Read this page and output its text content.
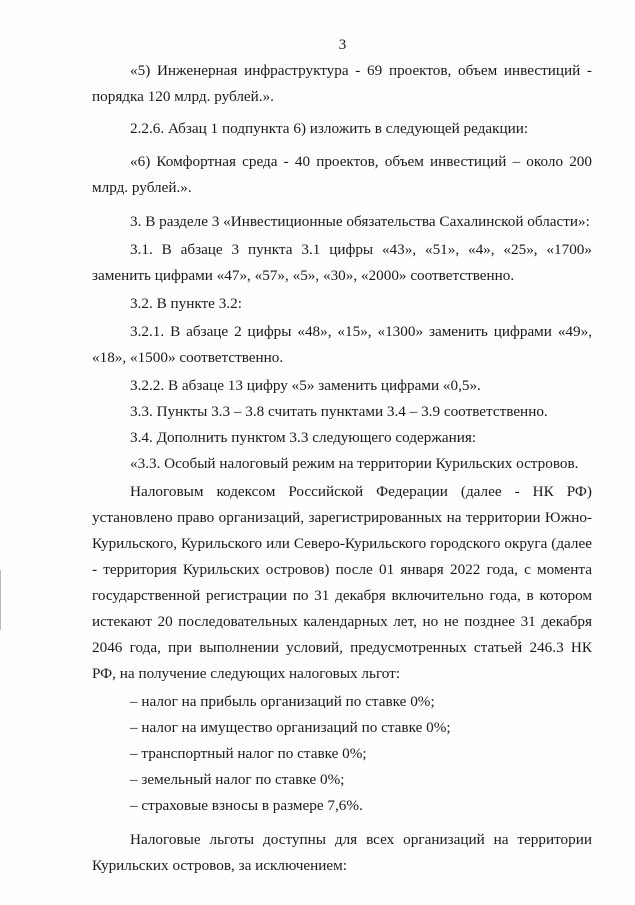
3

«5) Инженерная инфраструктура - 69 проектов, объем инвестиций - порядка 120 млрд. рублей.».

2.2.6. Абзац 1 подпункта 6) изложить в следующей редакции:

«6) Комфортная среда - 40 проектов, объем инвестиций – около 200 млрд. рублей.».

3. В разделе 3 «Инвестиционные обязательства Сахалинской области»:

3.1. В абзаце 3 пункта 3.1 цифры «43», «51», «4», «25», «1700» заменить цифрами «47», «57», «5», «30», «2000» соответственно.

3.2. В пункте 3.2:

3.2.1. В абзаце 2 цифры «48», «15», «1300» заменить цифрами «49», «18», «1500» соответственно.

3.2.2. В абзаце 13 цифру «5» заменить цифрами «0,5».

3.3. Пункты 3.3 – 3.8 считать пунктами 3.4 – 3.9 соответственно.

3.4. Дополнить пунктом 3.3 следующего содержания:

«3.3. Особый налоговый режим на территории Курильских островов.

Налоговым кодексом Российской Федерации (далее - НК РФ) установлено право организаций, зарегистрированных на территории Южно-Курильского, Курильского или Северо-Курильского городского округа (далее - территория Курильских островов) после 01 января 2022 года, с момента государственной регистрации по 31 декабря включительно года, в котором истекают 20 последовательных календарных лет, но не позднее 31 декабря 2046 года, при выполнении условий, предусмотренных статьей 246.3 НК РФ, на получение следующих налоговых льгот:

– налог на прибыль организаций по ставке 0%;

– налог на имущество организаций по ставке 0%;

– транспортный налог по ставке 0%;

– земельный налог по ставке 0%;

– страховые взносы в размере 7,6%.

Налоговые льготы доступны для всех организаций на территории Курильских островов, за исключением:
